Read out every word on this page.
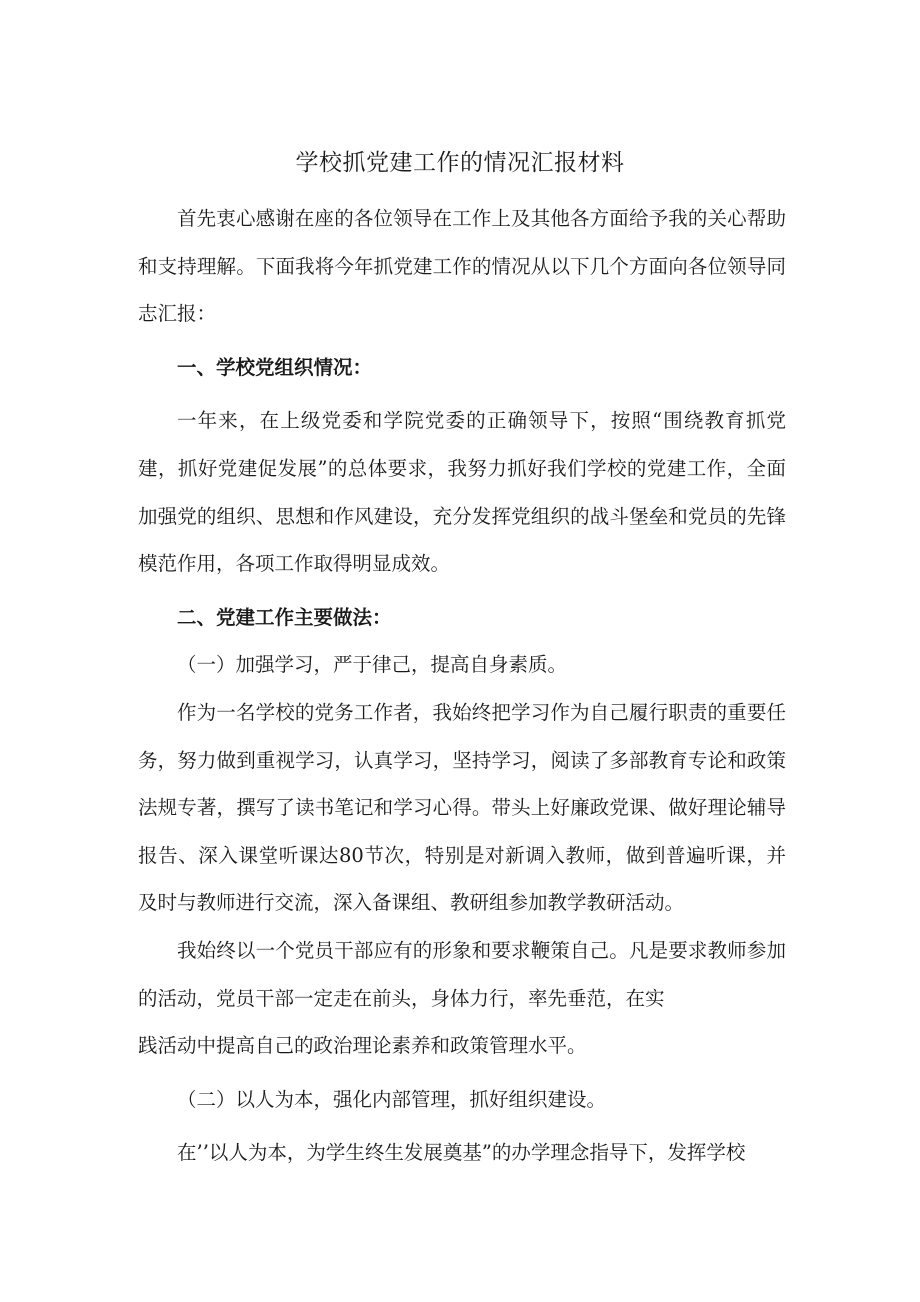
学校抓党建工作的情况汇报材料

首先衷心感谢在座的各位领导在工作上及其他各方面给予我的关心帮助和支持理解。下面我将今年抓党建工作的情况从以下几个方面向各位领导同志汇报：

一、学校党组织情况：

一年来，在上级党委和学院党委的正确领导下，按照“围绕教育抓党建，抓好党建促发展”的总体要求，我努力抓好我们学校的党建工作，全面加强党的组织、思想和作风建设，充分发挥党组织的战斗堡垒和党员的先锋模范作用，各项工作取得明显成效。

二、党建工作主要做法：

（一）加强学习，严于律己，提高自身素质。

作为一名学校的党务工作者，我始终把学习作为自己履行职责的重要任务，努力做到重视学习，认真学习，坚持学习，阅读了多部教育专论和政策法规专著，撰写了读书笔记和学习心得。带头上好廉政党课、做好理论辅导报告、深入课堂听课达80节次，特别是对新调入教师，做到普遍听课，并及时与教师进行交流，深入备课组、教研组参加教学教研活动。

我始终以一个党员干部应有的形象和要求鞭策自己。凡是要求教师参加的活动，党员干部一定走在前头，身体力行，率先垂范，在实

践活动中提高自己的政治理论素养和政策管理水平。

（二）以人为本，强化内部管理，抓好组织建设。

在’’以人为本，为学生终生发展奠基”的办学理念指导下，发挥学校
